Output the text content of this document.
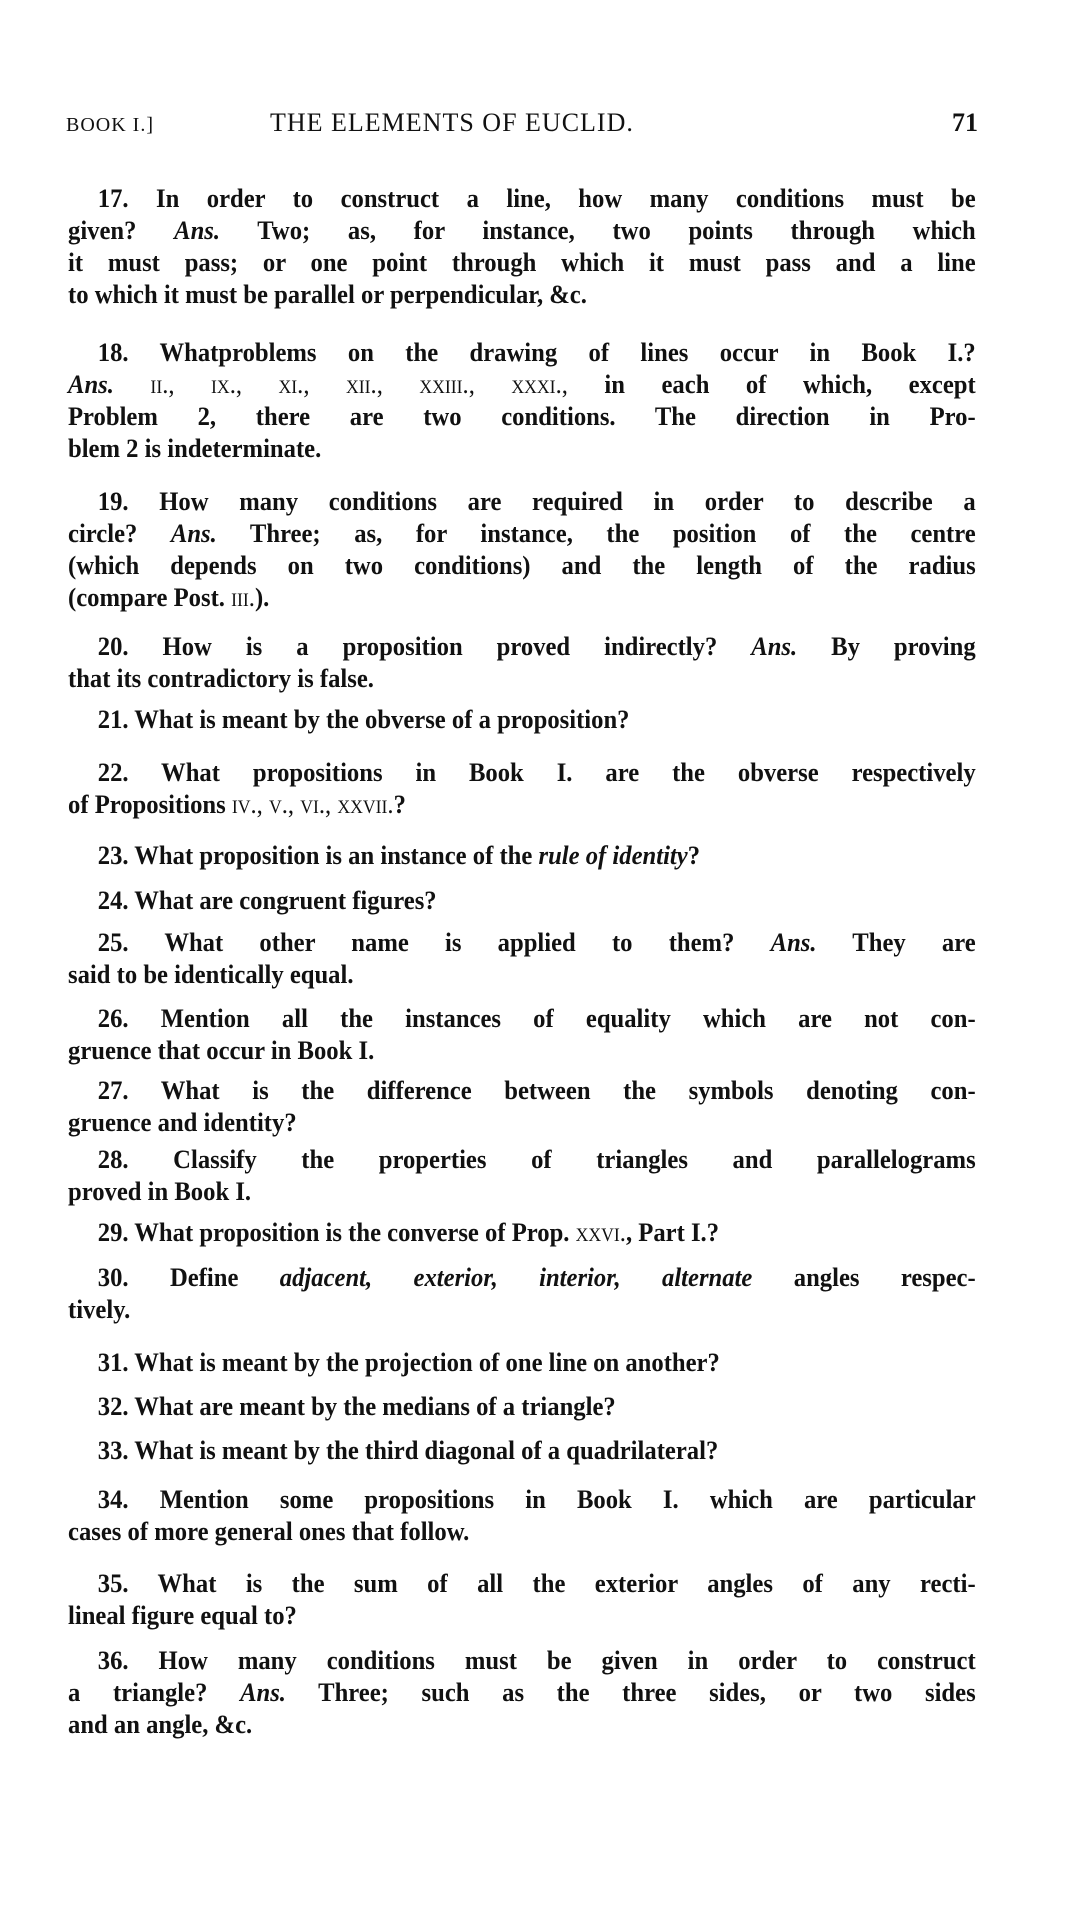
BOOK I.]	THE ELEMENTS OF EUCLID.	71
17. In order to construct a line, how many conditions must be
given? Ans. Two; as, for instance, two points through which
it must pass; or one point through which it must pass and a line
to which it must be parallel or perpendicular, &c.
18. Whatproblems on the drawing of lines occur in Book I.?
Ans. ii., ix., xi., xii., xxiii., xxxi., in each of which, except
Problem 2, there are two conditions. The direction in Pro-
blem 2 is indeterminate.
19. How many conditions are required in order to describe a
circle? Ans. Three; as, for instance, the position of the centre
(which depends on two conditions) and the length of the radius
(compare Post. iii.).
20. How is a proposition proved indirectly? Ans. By proving
that its contradictory is false.
21. What is meant by the obverse of a proposition?
22. What propositions in Book I. are the obverse respectively
of Propositions iv., v., vi., xxvii.?
23. What proposition is an instance of the rule of identity?
24. What are congruent figures?
25. What other name is applied to them? Ans. They are
said to be identically equal.
26. Mention all the instances of equality which are not con-
gruence that occur in Book I.
27. What is the difference between the symbols denoting con-
gruence and identity?
28. Classify the properties of triangles and parallelograms
proved in Book I.
29. What proposition is the converse of Prop. xxvi., Part I.?
30. Define adjacent, exterior, interior, alternate angles respec-
tively.
31. What is meant by the projection of one line on another?
32. What are meant by the medians of a triangle?
33. What is meant by the third diagonal of a quadrilateral?
34. Mention some propositions in Book I. which are particular
cases of more general ones that follow.
35. What is the sum of all the exterior angles of any recti-
lineal figure equal to?
36. How many conditions must be given in order to construct
a triangle? Ans. Three; such as the three sides, or two sides
and an angle, &c.
